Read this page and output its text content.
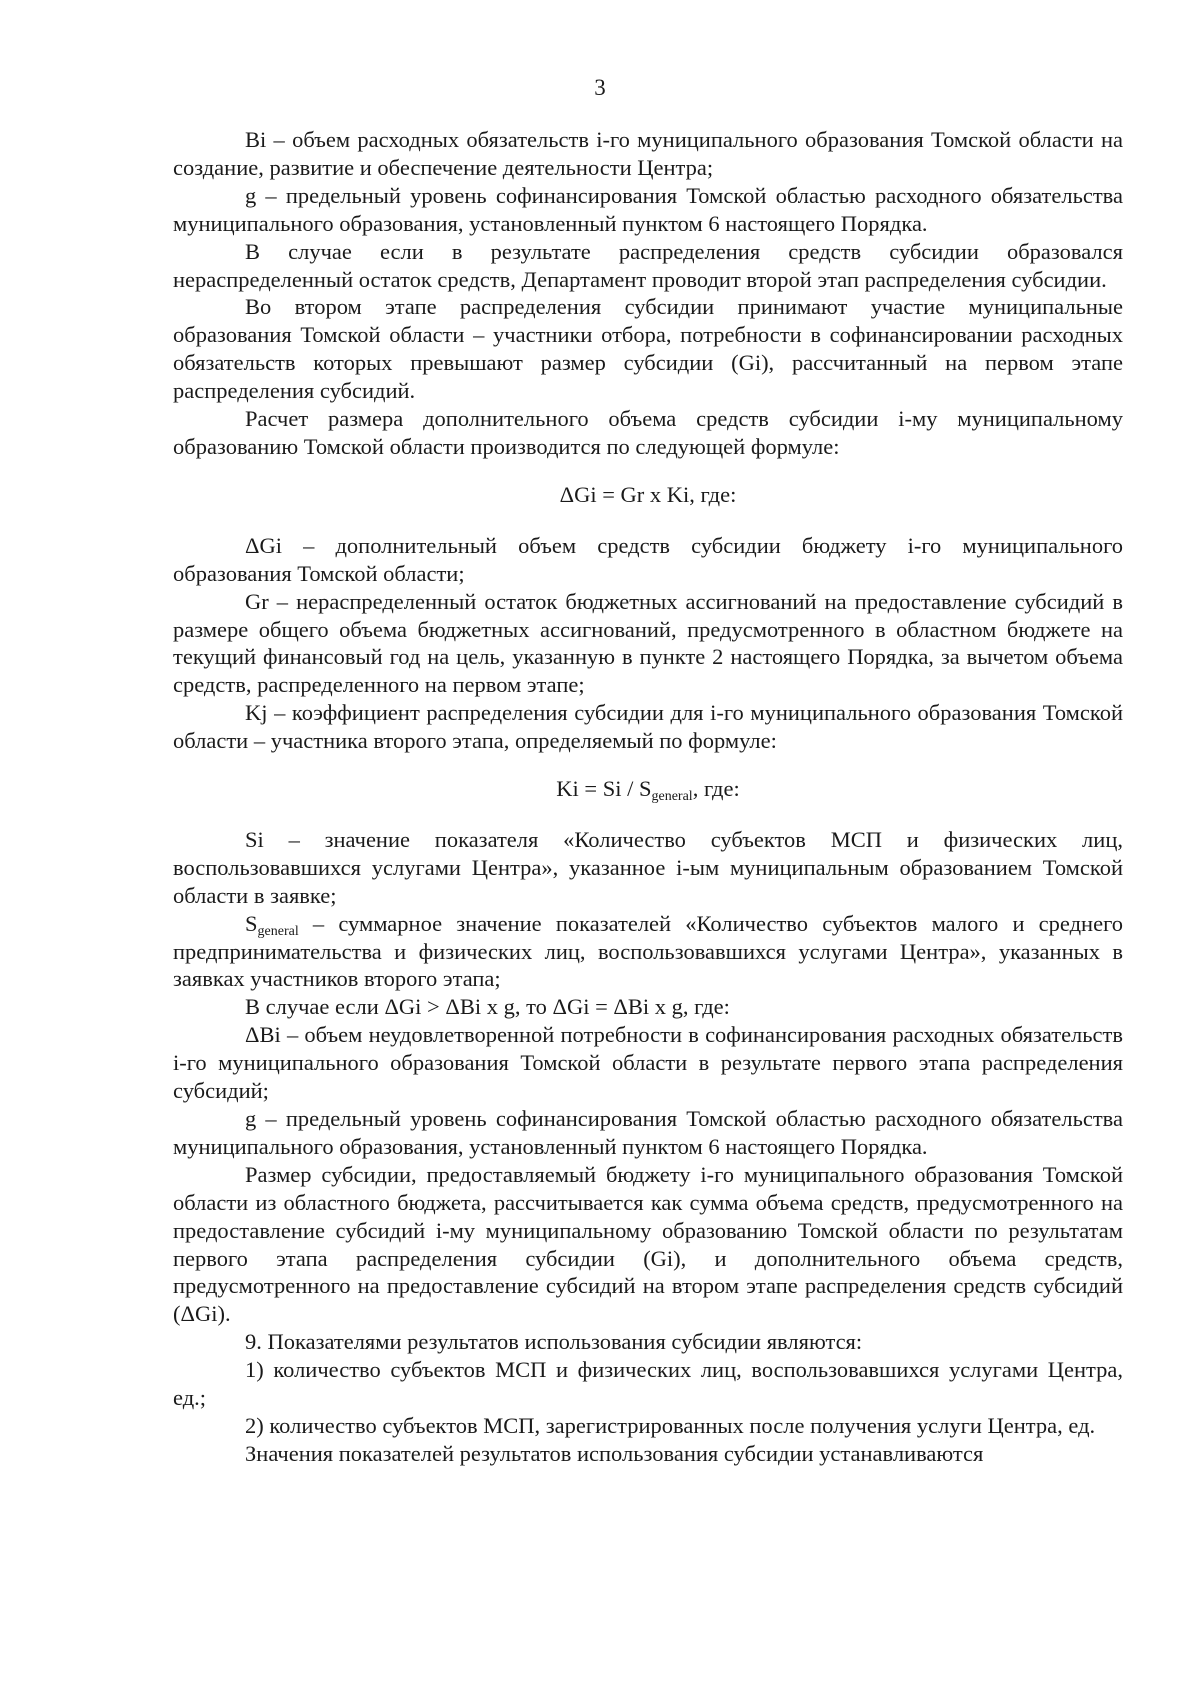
3

Bi – объем расходных обязательств i-го муниципального образования Томской области на создание, развитие и обеспечение деятельности Центра;

g – предельный уровень софинансирования Томской областью расходного обязательства муниципального образования, установленный пунктом 6 настоящего Порядка.

В случае если в результате распределения средств субсидии образовался нераспределенный остаток средств, Департамент проводит второй этап распределения субсидии.

Во втором этапе распределения субсидии принимают участие муниципальные образования Томской области – участники отбора, потребности в софинансировании расходных обязательств которых превышают размер субсидии (Gi), рассчитанный на первом этапе распределения субсидий.

Расчет размера дополнительного объема средств субсидии i-му муниципальному образованию Томской области производится по следующей формуле:

ΔGi = Gr x Ki, где:

ΔGi – дополнительный объем средств субсидии бюджету i-го муниципального образования Томской области;

Gr – нераспределенный остаток бюджетных ассигнований на предоставление субсидий в размере общего объема бюджетных ассигнований, предусмотренного в областном бюджете на текущий финансовый год на цель, указанную в пункте 2 настоящего Порядка, за вычетом объема средств, распределенного на первом этапе;

Kj – коэффициент распределения субсидии для i-го муниципального образования Томской области – участника второго этапа, определяемый по формуле:

$Ki = Si / S_{general}$, где:

Si – значение показателя «Количество субъектов МСП и физических лиц, воспользовавшихся услугами Центра», указанное i-ым муниципальным образованием Томской области в заявке;

$S_{general}$ – суммарное значение показателей «Количество субъектов малого и среднего предпринимательства и физических лиц, воспользовавшихся услугами Центра», указанных в заявках участников второго этапа;

В случае если ΔGi > ΔBi x g, то ΔGi = ΔBi x g, где:

ΔBi – объем неудовлетворенной потребности в софинансирования расходных обязательств i-го муниципального образования Томской области в результате первого этапа распределения субсидий;

g – предельный уровень софинансирования Томской областью расходного обязательства муниципального образования, установленный пунктом 6 настоящего Порядка.

Размер субсидии, предоставляемый бюджету i-го муниципального образования Томской области из областного бюджета, рассчитывается как сумма объема средств, предусмотренного на предоставление субсидий i-му муниципальному образованию Томской области по результатам первого этапа распределения субсидии (Gi), и дополнительного объема средств, предусмотренного на предоставление субсидий на втором этапе распределения средств субсидий (ΔGi).

9. Показателями результатов использования субсидии являются:

1) количество субъектов МСП и физических лиц, воспользовавшихся услугами Центра, ед.;

2) количество субъектов МСП, зарегистрированных после получения услуги Центра, ед.

Значения показателей результатов использования субсидии устанавливаются
